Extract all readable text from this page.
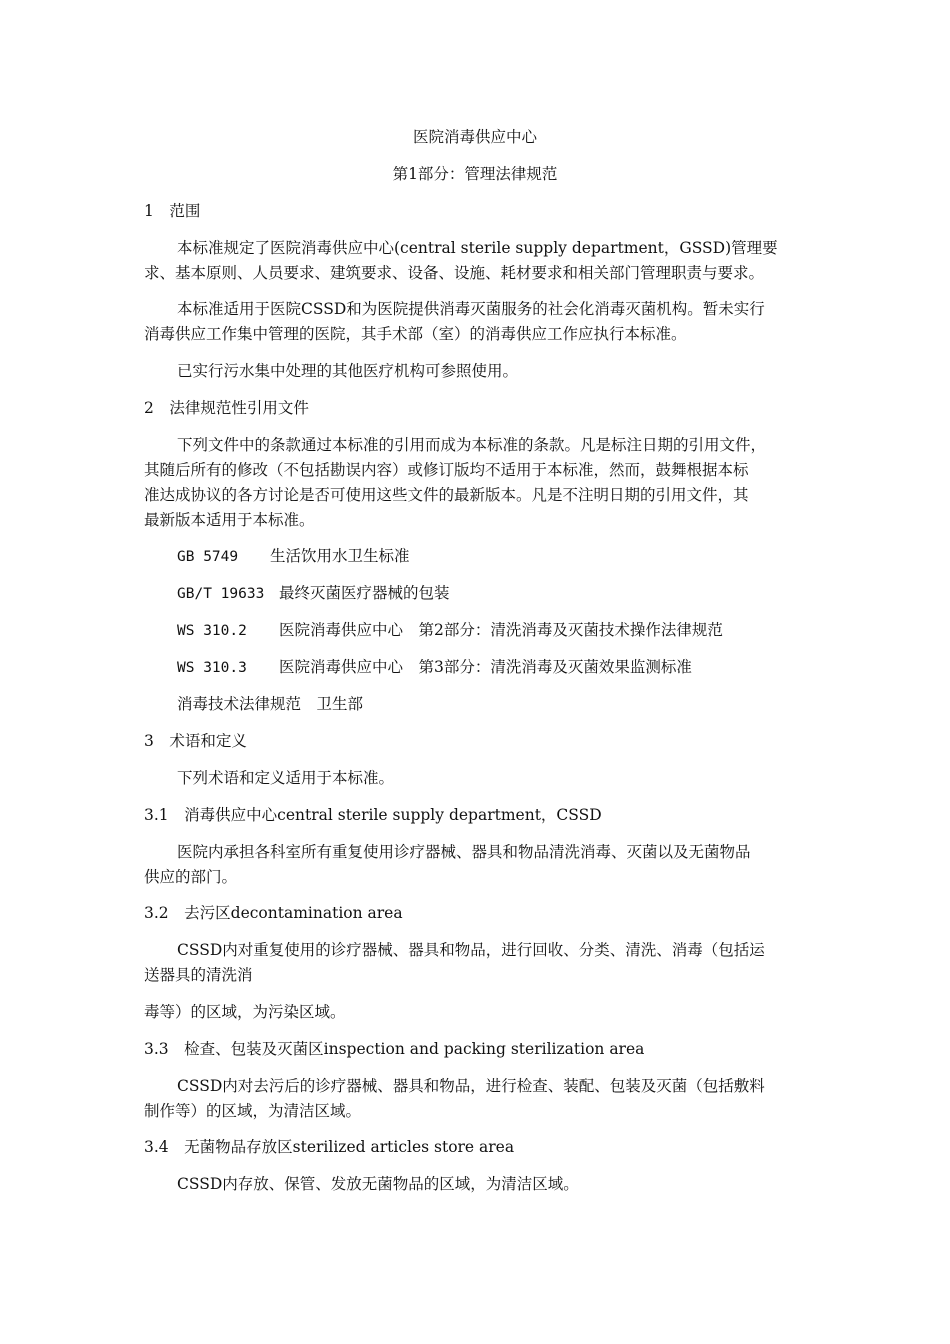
医院消毒供应中心
第1部分：管理法律规范
1　范围
本标准规定了医院消毒供应中心(central sterile supply department，GSSD)管理要
求、基本原则、人员要求、建筑要求、设备、设施、耗材要求和相关部门管理职责与要求。
本标准适用于医院CSSD和为医院提供消毒灭菌服务的社会化消毒灭菌机构。暂未实行
消毒供应工作集中管理的医院，其手术部（室）的消毒供应工作应执行本标准。
已实行污水集中处理的其他医疗机构可参照使用。
2　法律规范性引用文件
下列文件中的条款通过本标准的引用而成为本标准的条款。凡是标注日期的引用文件，
其随后所有的修改（不包括勘误内容）或修订版均不适用于本标准，然而，鼓舞根据本标
准达成协议的各方讨论是否可使用这些文件的最新版本。凡是不注明日期的引用文件，其
最新版本适用于本标准。
GB 5749 生活饮用水卫生标准
GB/T 19633 最终灭菌医疗器械的包装
WS 310.2 医院消毒供应中心　第2部分：清洗消毒及灭菌技术操作法律规范
WS 310.3 医院消毒供应中心　第3部分：清洗消毒及灭菌效果监测标准
消毒技术法律规范　卫生部
3　术语和定义
下列术语和定义适用于本标准。
3.1　消毒供应中心central sterile supply department，CSSD
医院内承担各科室所有重复使用诊疗器械、器具和物品清洗消毒、灭菌以及无菌物品
供应的部门。
3.2　去污区decontamination area
CSSD内对重复使用的诊疗器械、器具和物品，进行回收、分类、清洗、消毒（包括运
送器具的清洗消
毒等）的区域，为污染区域。
3.3　检查、包装及灭菌区inspection and packing sterilization area
CSSD内对去污后的诊疗器械、器具和物品，进行检查、装配、包装及灭菌（包括敷料
制作等）的区域，为清洁区域。
3.4　无菌物品存放区sterilized articles store area
CSSD内存放、保管、发放无菌物品的区域，为清洁区域。
